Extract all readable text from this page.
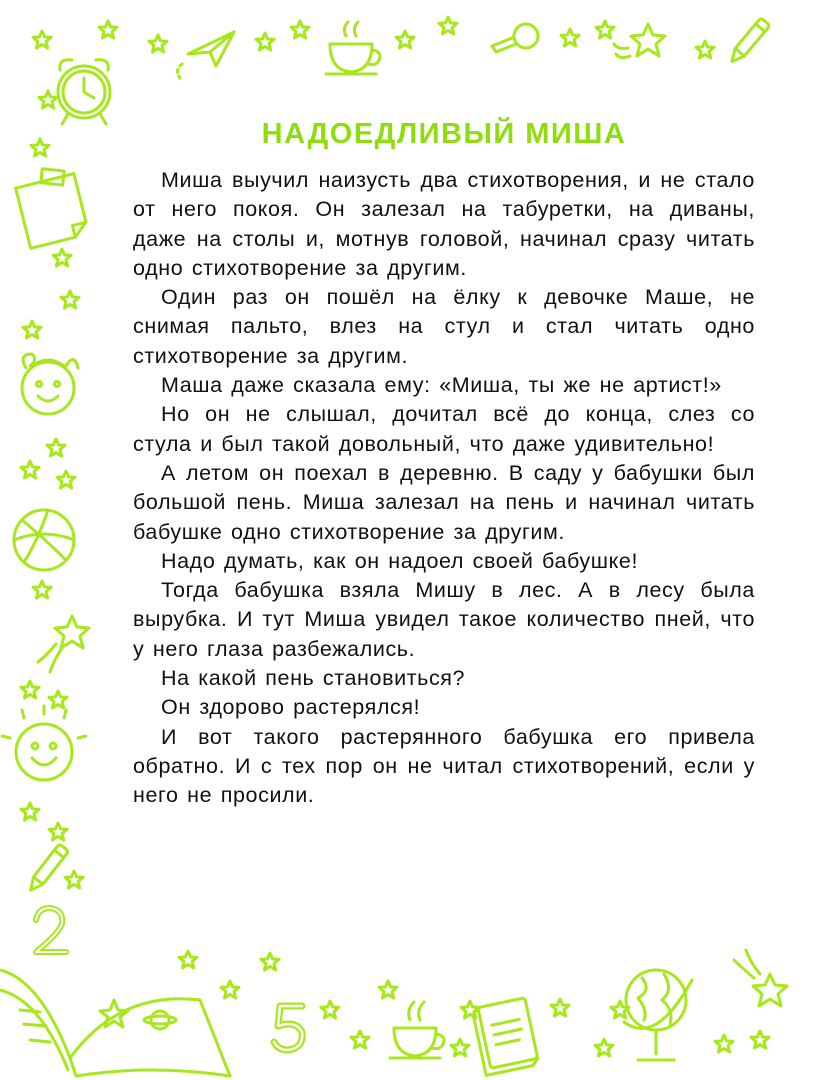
НАДОЕДЛИВЫЙ МИША

Миша выучил наизусть два стихотворения, и не стало от него покоя. Он залезал на табуретки, на диваны, даже на столы и, мотнув головой, начинал сразу читать одно стихотворение за другим.

Один раз он пошёл на ёлку к девочке Маше, не снимая пальто, влез на стул и стал читать одно стихотворение за другим.

Маша даже сказала ему: «Миша, ты же не артист!»

Но он не слышал, дочитал всё до конца, слез со стула и был такой довольный, что даже удивительно!

А летом он поехал в деревню. В саду у бабушки был большой пень. Миша залезал на пень и начинал читать бабушке одно стихотворение за другим.

Надо думать, как он надоел своей бабушке!

Тогда бабушка взяла Мишу в лес. А в лесу была вырубка. И тут Миша увидел такое количество пней, что у него глаза разбежались.

На какой пень становиться?

Он здорово растерялся!

И вот такого растерянного бабушка его привела обратно. И с тех пор он не читал стихотворений, если у него не просили.
